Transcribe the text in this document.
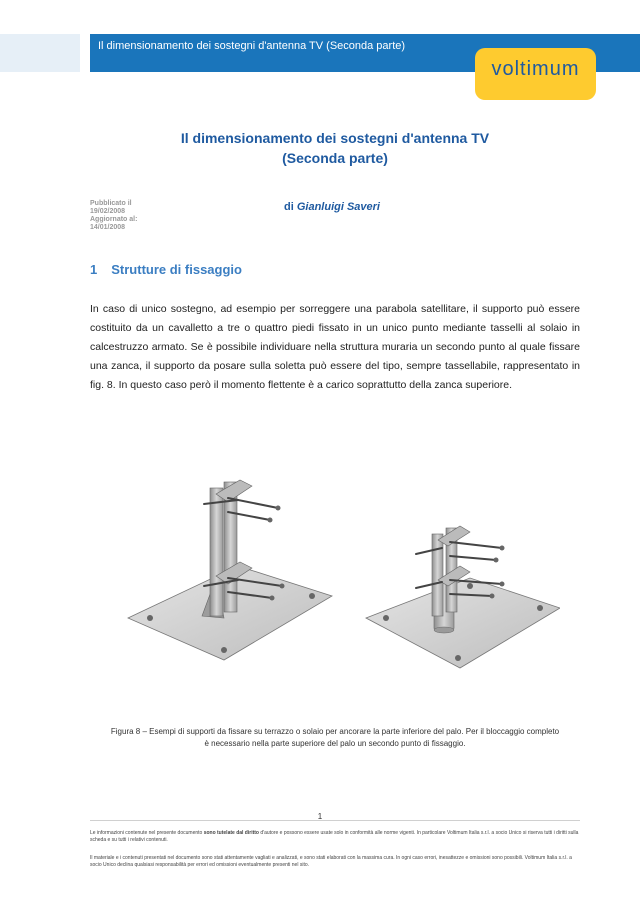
Il dimensionamento dei sostegni d'antenna TV (Seconda parte)
voltimum
Il dimensionamento dei sostegni d'antenna TV
(Seconda parte)
Pubblicato il
19/02/2008
Aggiornato al:
14/01/2008
di Gianluigi Saveri
1 Strutture di fissaggio
In caso di unico sostegno, ad esempio per sorreggere una parabola satellitare, il supporto può essere costituito da un cavalletto a tre o quattro piedi fissato in un unico punto mediante tasselli al solaio in calcestruzzo armato. Se è possibile individuare nella struttura muraria un secondo punto al quale fissare una zanca, il supporto da posare sulla soletta può essere del tipo, sempre tassellabile, rappresentato in fig. 8. In questo caso però il momento flettente è a carico soprattutto della zanca superiore.
Figura 8 – Esempi di supporti da fissare su terrazzo o solaio per ancorare la parte inferiore del palo. Per il bloccaggio completo
è necessario nella parte superiore del palo un secondo punto di fissaggio.
1
Le informazioni contenute nel presente documento sono tutelate dal diritto d'autore e possono essere usate solo in conformità alle norme vigenti. In particolare Voltimum Italia s.r.l. a socio Unico si riserva tutti i diritti sulla scheda e su tutti i relativi contenuti.
Il materiale e i contenuti presentati nel documento sono stati attentamente vagliati e analizzati, e sono stati elaborati con la massima cura. In ogni caso errori, inesattezze e omissioni sono possibili. Voltimum Italia s.r.l. a socio Unico declina qualsiasi responsabilità per errori ed omissioni eventualmente presenti nel sito.
